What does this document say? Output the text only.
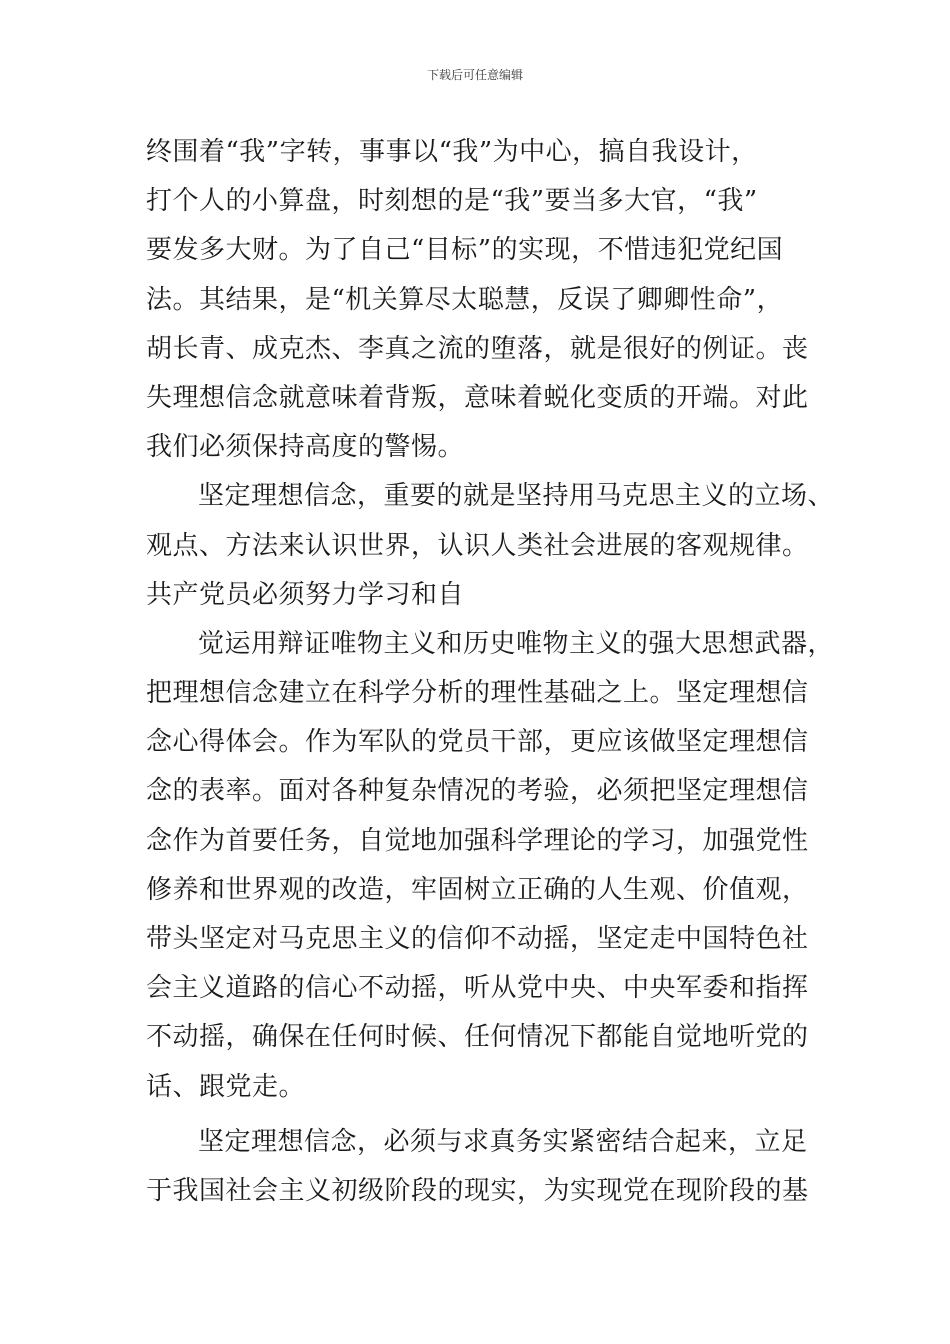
下载后可任意编辑
终围着“我”字转，事事以“我”为中心，搞自我设计，
打个人的小算盘，时刻想的是“我”要当多大官，“我”
要发多大财。为了自己“目标”的实现，不惜违犯党纪国
法。其结果，是“机关算尽太聪慧，反误了卿卿性命”，
胡长青、成克杰、李真之流的堕落，就是很好的例证。丧
失理想信念就意味着背叛，意味着蜕化变质的开端。对此
我们必须保持高度的警惕。
坚定理想信念，重要的就是坚持用马克思主义的立场、
观点、方法来认识世界，认识人类社会进展的客观规律。
共产党员必须努力学习和自
觉运用辩证唯物主义和历史唯物主义的强大思想武器，
把理想信念建立在科学分析的理性基础之上。坚定理想信
念心得体会。作为军队的党员干部，更应该做坚定理想信
念的表率。面对各种复杂情况的考验，必须把坚定理想信
念作为首要任务，自觉地加强科学理论的学习，加强党性
修养和世界观的改造，牢固树立正确的人生观、价值观，
带头坚定对马克思主义的信仰不动摇，坚定走中国特色社
会主义道路的信心不动摇，听从党中央、中央军委和指挥
不动摇，确保在任何时候、任何情况下都能自觉地听党的
话、跟党走。
坚定理想信念，必须与求真务实紧密结合起来，立足
于我国社会主义初级阶段的现实，为实现党在现阶段的基
